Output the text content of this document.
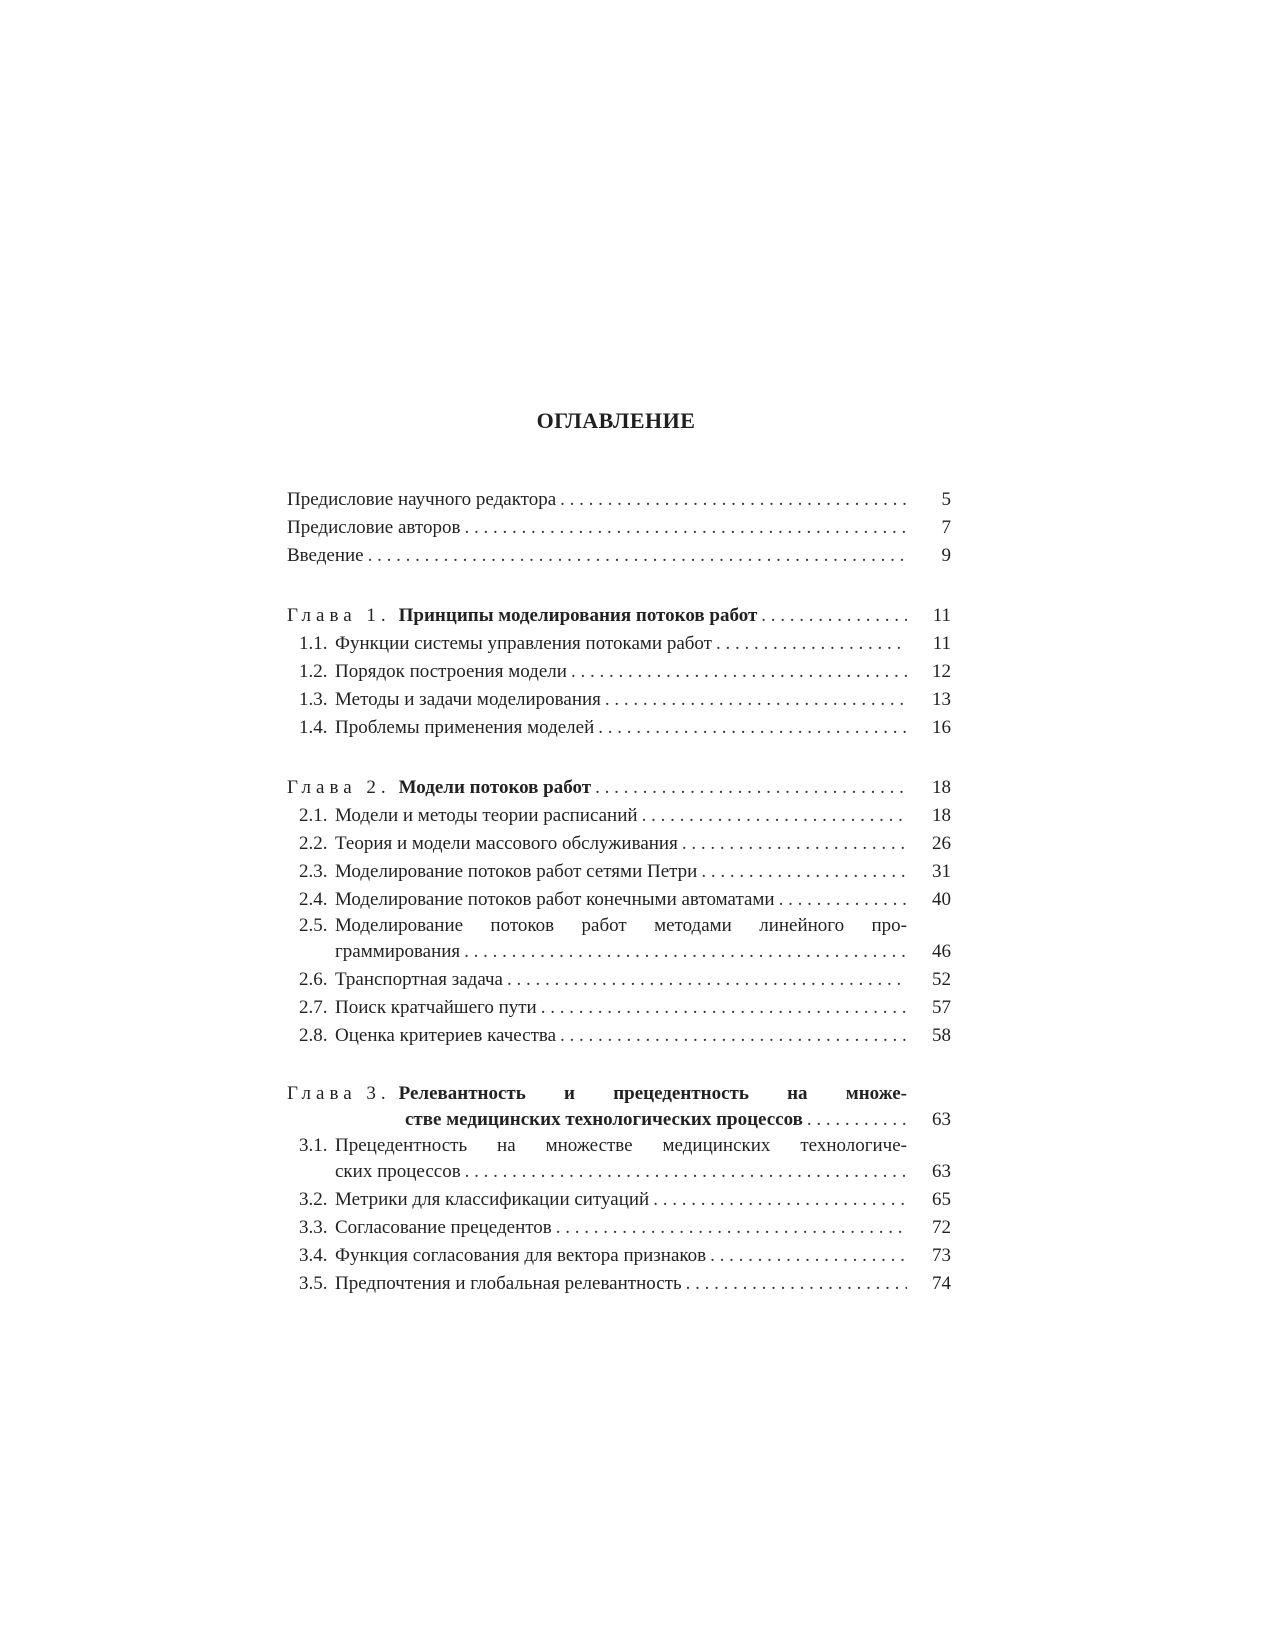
ОГЛАВЛЕНИЕ
Предисловие научного редактора . . .	5
Предисловие авторов . . .	7
Введение . . .	9
Глава 1. Принципы моделирования потоков работ . . .	11
1.1. Функции системы управления потоками работ . . .	11
1.2. Порядок построения модели . . .	12
1.3. Методы и задачи моделирования . . .	13
1.4. Проблемы применения моделей . . .	16
Глава 2. Модели потоков работ . . .	18
2.1. Модели и методы теории расписаний . . .	18
2.2. Теория и модели массового обслуживания . . .	26
2.3. Моделирование потоков работ сетями Петри . . .	31
2.4. Моделирование потоков работ конечными автоматами . . .	40
2.5. Моделирование потоков работ методами линейного про-
граммирования . . .	46
2.6. Транспортная задача . . .	52
2.7. Поиск кратчайшего пути . . .	57
2.8. Оценка критериев качества . . .	58
Глава 3. Релевантность и прецедентность на множе-
стве медицинских технологических процессов . . .	63
3.1. Прецедентность на множестве медицинских технологиче-
ских процессов . . .	63
3.2. Метрики для классификации ситуаций . . .	65
3.3. Согласование прецедентов . . .	72
3.4. Функция согласования для вектора признаков . . .	73
3.5. Предпочтения и глобальная релевантность . . .	74
